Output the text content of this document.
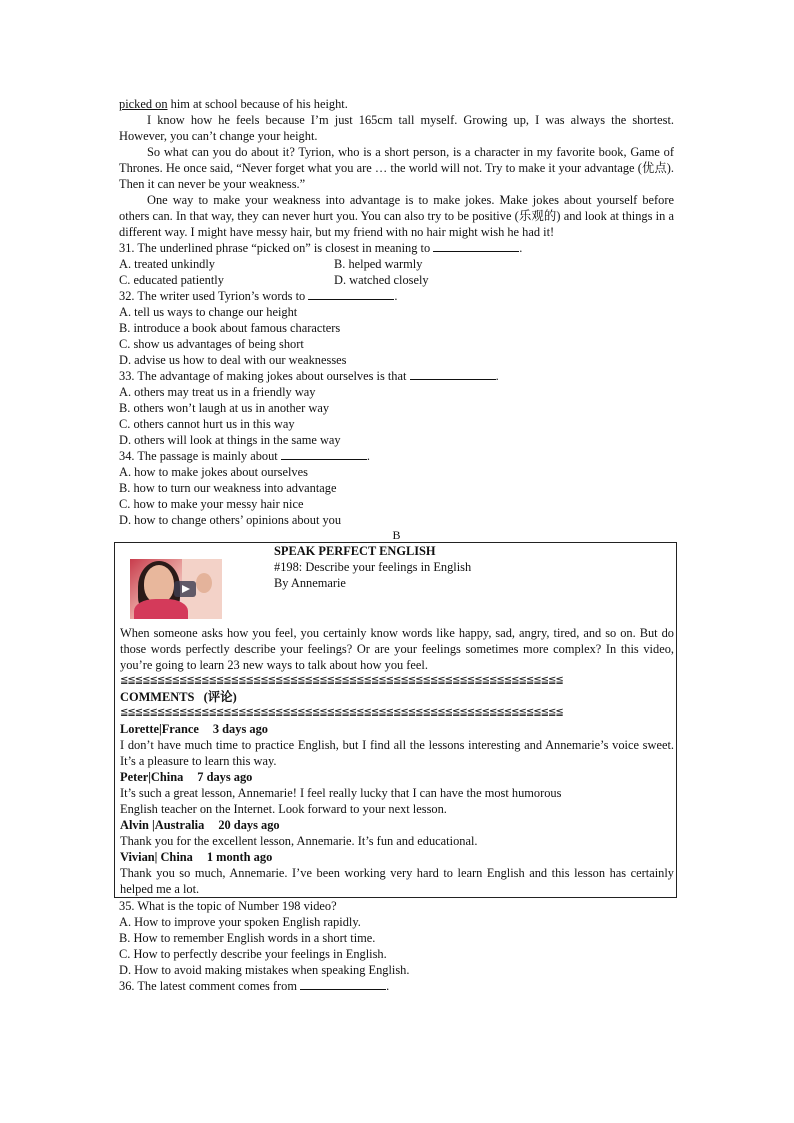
picked on him at school because of his height.

I know how he feels because I’m just 165cm tall myself. Growing up, I was always the shortest. However, you can’t change your height.

So what can you do about it? Tyrion, who is a short person, is a character in my favorite book, Game of Thrones. He once said, “Never forget what you are … the world will not. Try to make it your advantage (优点). Then it can never be your weakness.”

One way to make your weakness into advantage is to make jokes. Make jokes about yourself before others can. In that way, they can never hurt you. You can also try to be positive (乐观的) and look at things in a different way. I might have messy hair, but my friend with no hair might wish he had it!

31. The underlined phrase “picked on” is closest in meaning to	.

A. treated unkindly	B. helped warmly
C. educated patiently	D. watched closely

32. The writer used Tyrion’s words to	.

A. tell us ways to change our height

B. introduce a book about famous characters

C. show us advantages of being short

D. advise us how to deal with our weaknesses

33. The advantage of making jokes about ourselves is that	.

A. others may treat us in a friendly way

B. others won’t laugh at us in another way

C. others cannot hurt us in this way

D. others will look at things in the same way

34. The passage is mainly about	.

A. how to make jokes about ourselves

B. how to turn our weakness into advantage

C. how to make your messy hair nice

D. how to change others’ opinions about you

B

SPEAK PERFECT ENGLISH
#198: Describe your feelings in English
By Annemarie

When someone asks how you feel, you certainly know words like happy, sad, angry, tired, and so on. But do those words perfectly describe your feelings? Or are your feelings sometimes more complex? In this video, you’re going to learn 23 new ways to talk about how you feel.

≦≦≦≦≦≦≦≦≦≦≦≦≦≦≦≦≦≦≦≦≦≦≦≦≦≦≦≦≦≦≦≦≦≦≦≦≦≦≦≦≦≦≦≦≦≦≦≦≦≦≦≦≦≦≦≦≦≦≦≦

COMMENTS (评论)

≦≦≦≦≦≦≦≦≦≦≦≦≦≦≦≦≦≦≦≦≦≦≦≦≦≦≦≦≦≦≦≦≦≦≦≦≦≦≦≦≦≦≦≦≦≦≦≦≦≦≦≦≦≦≦≦≦≦≦≦

Lorette|France 3 days ago

I don’t have much time to practice English, but I find all the lessons interesting and Annemarie’s voice sweet. It’s a pleasure to learn this way.

Peter|China 7 days ago

It’s such a great lesson, Annemarie! I feel really lucky that I can have the most humorous

English teacher on the Internet. Look forward to your next lesson.

Alvin |Australia 20 days ago

Thank you for the excellent lesson, Annemarie. It’s fun and educational.

Vivian| China 1 month ago

Thank you so much, Annemarie. I’ve been working very hard to learn English and this lesson has certainly helped me a lot.

35. What is the topic of Number 198 video?

A. How to improve your spoken English rapidly.

B. How to remember English words in a short time.

C. How to perfectly describe your feelings in English.

D. How to avoid making mistakes when speaking English.

36. The latest comment comes from	.
